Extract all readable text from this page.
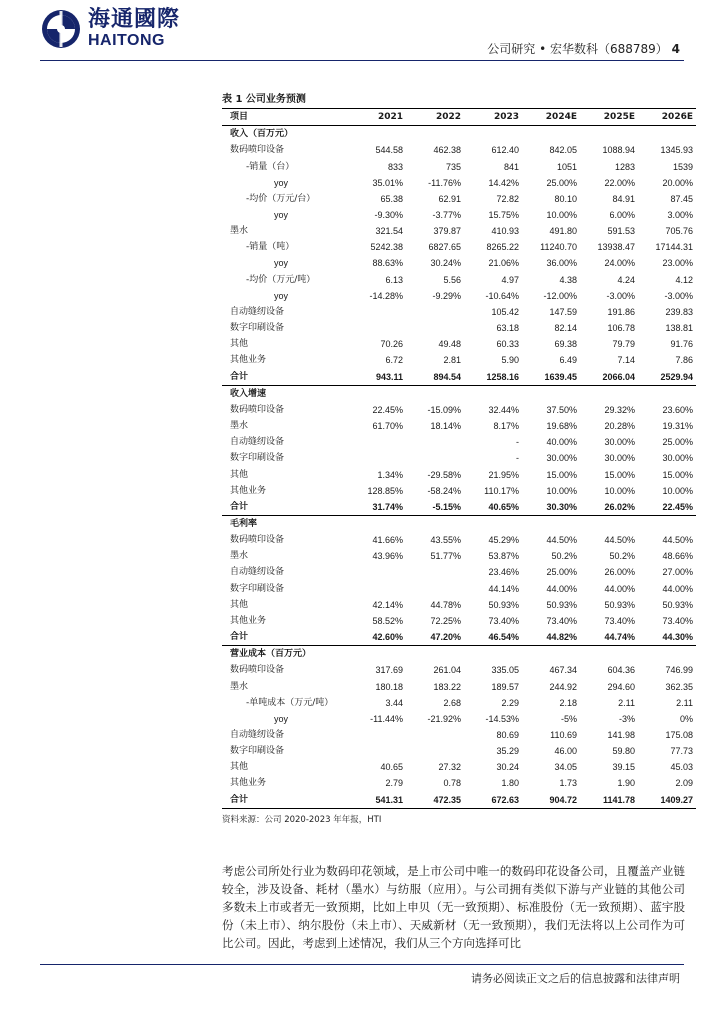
海通國際
HAITONG	公司研究 • 宏华数科（688789） 4
表 1 公司业务预测
项目	2021	2022	2023	2024E	2025E	2026E
收入（百万元）						
数码喷印设备	544.58	462.38	612.40	842.05	1088.94	1345.93
-销量（台）	833	735	841	1051	1283	1539
yoy	35.01%	-11.76%	14.42%	25.00%	22.00%	20.00%
-均价（万元/台）	65.38	62.91	72.82	80.10	84.91	87.45
yoy	-9.30%	-3.77%	15.75%	10.00%	6.00%	3.00%
墨水	321.54	379.87	410.93	491.80	591.53	705.76
-销量（吨）	5242.38	6827.65	8265.22	11240.70	13938.47	17144.31
yoy	88.63%	30.24%	21.06%	36.00%	24.00%	23.00%
-均价（万元/吨）	6.13	5.56	4.97	4.38	4.24	4.12
yoy	-14.28%	-9.29%	-10.64%	-12.00%	-3.00%	-3.00%
自动缝纫设备			105.42	147.59	191.86	239.83
数字印刷设备			63.18	82.14	106.78	138.81
其他	70.26	49.48	60.33	69.38	79.79	91.76
其他业务	6.72	2.81	5.90	6.49	7.14	7.86
合计	943.11	894.54	1258.16	1639.45	2066.04	2529.94
收入增速						
数码喷印设备	22.45%	-15.09%	32.44%	37.50%	29.32%	23.60%
墨水	61.70%	18.14%	8.17%	19.68%	20.28%	19.31%
自动缝纫设备			-	40.00%	30.00%	25.00%
数字印刷设备			-	30.00%	30.00%	30.00%
其他	1.34%	-29.58%	21.95%	15.00%	15.00%	15.00%
其他业务	128.85%	-58.24%	110.17%	10.00%	10.00%	10.00%
合计	31.74%	-5.15%	40.65%	30.30%	26.02%	22.45%
毛利率						
数码喷印设备	41.66%	43.55%	45.29%	44.50%	44.50%	44.50%
墨水	43.96%	51.77%	53.87%	50.2%	50.2%	48.66%
自动缝纫设备			23.46%	25.00%	26.00%	27.00%
数字印刷设备			44.14%	44.00%	44.00%	44.00%
其他	42.14%	44.78%	50.93%	50.93%	50.93%	50.93%
其他业务	58.52%	72.25%	73.40%	73.40%	73.40%	73.40%
合计	42.60%	47.20%	46.54%	44.82%	44.74%	44.30%
营业成本（百万元）						
数码喷印设备	317.69	261.04	335.05	467.34	604.36	746.99
墨水	180.18	183.22	189.57	244.92	294.60	362.35
-单吨成本（万元/吨）	3.44	2.68	2.29	2.18	2.11	2.11
yoy	-11.44%	-21.92%	-14.53%	-5%	-3%	0%
自动缝纫设备			80.69	110.69	141.98	175.08
数字印刷设备			35.29	46.00	59.80	77.73
其他	40.65	27.32	30.24	34.05	39.15	45.03
其他业务	2.79	0.78	1.80	1.73	1.90	2.09
合计	541.31	472.35	672.63	904.72	1141.78	1409.27
资料来源：公司 2020-2023 年年报，HTI
考虑公司所处行业为数码印花领域，是上市公司中唯一的数码印花设备公司，且覆盖产业链较全，涉及设备、耗材（墨水）与纺服（应用）。与公司拥有类似下游与产业链的其他公司多数未上市或者无一致预期，比如上申贝（无一致预期）、标准股份（无一致预期）、蓝宇股份（未上市）、纳尔股份（未上市）、天威新材（无一致预期），我们无法将以上公司作为可比公司。因此，考虑到上述情况，我们从三个方向选择可比
请务必阅读正文之后的信息披露和法律声明
